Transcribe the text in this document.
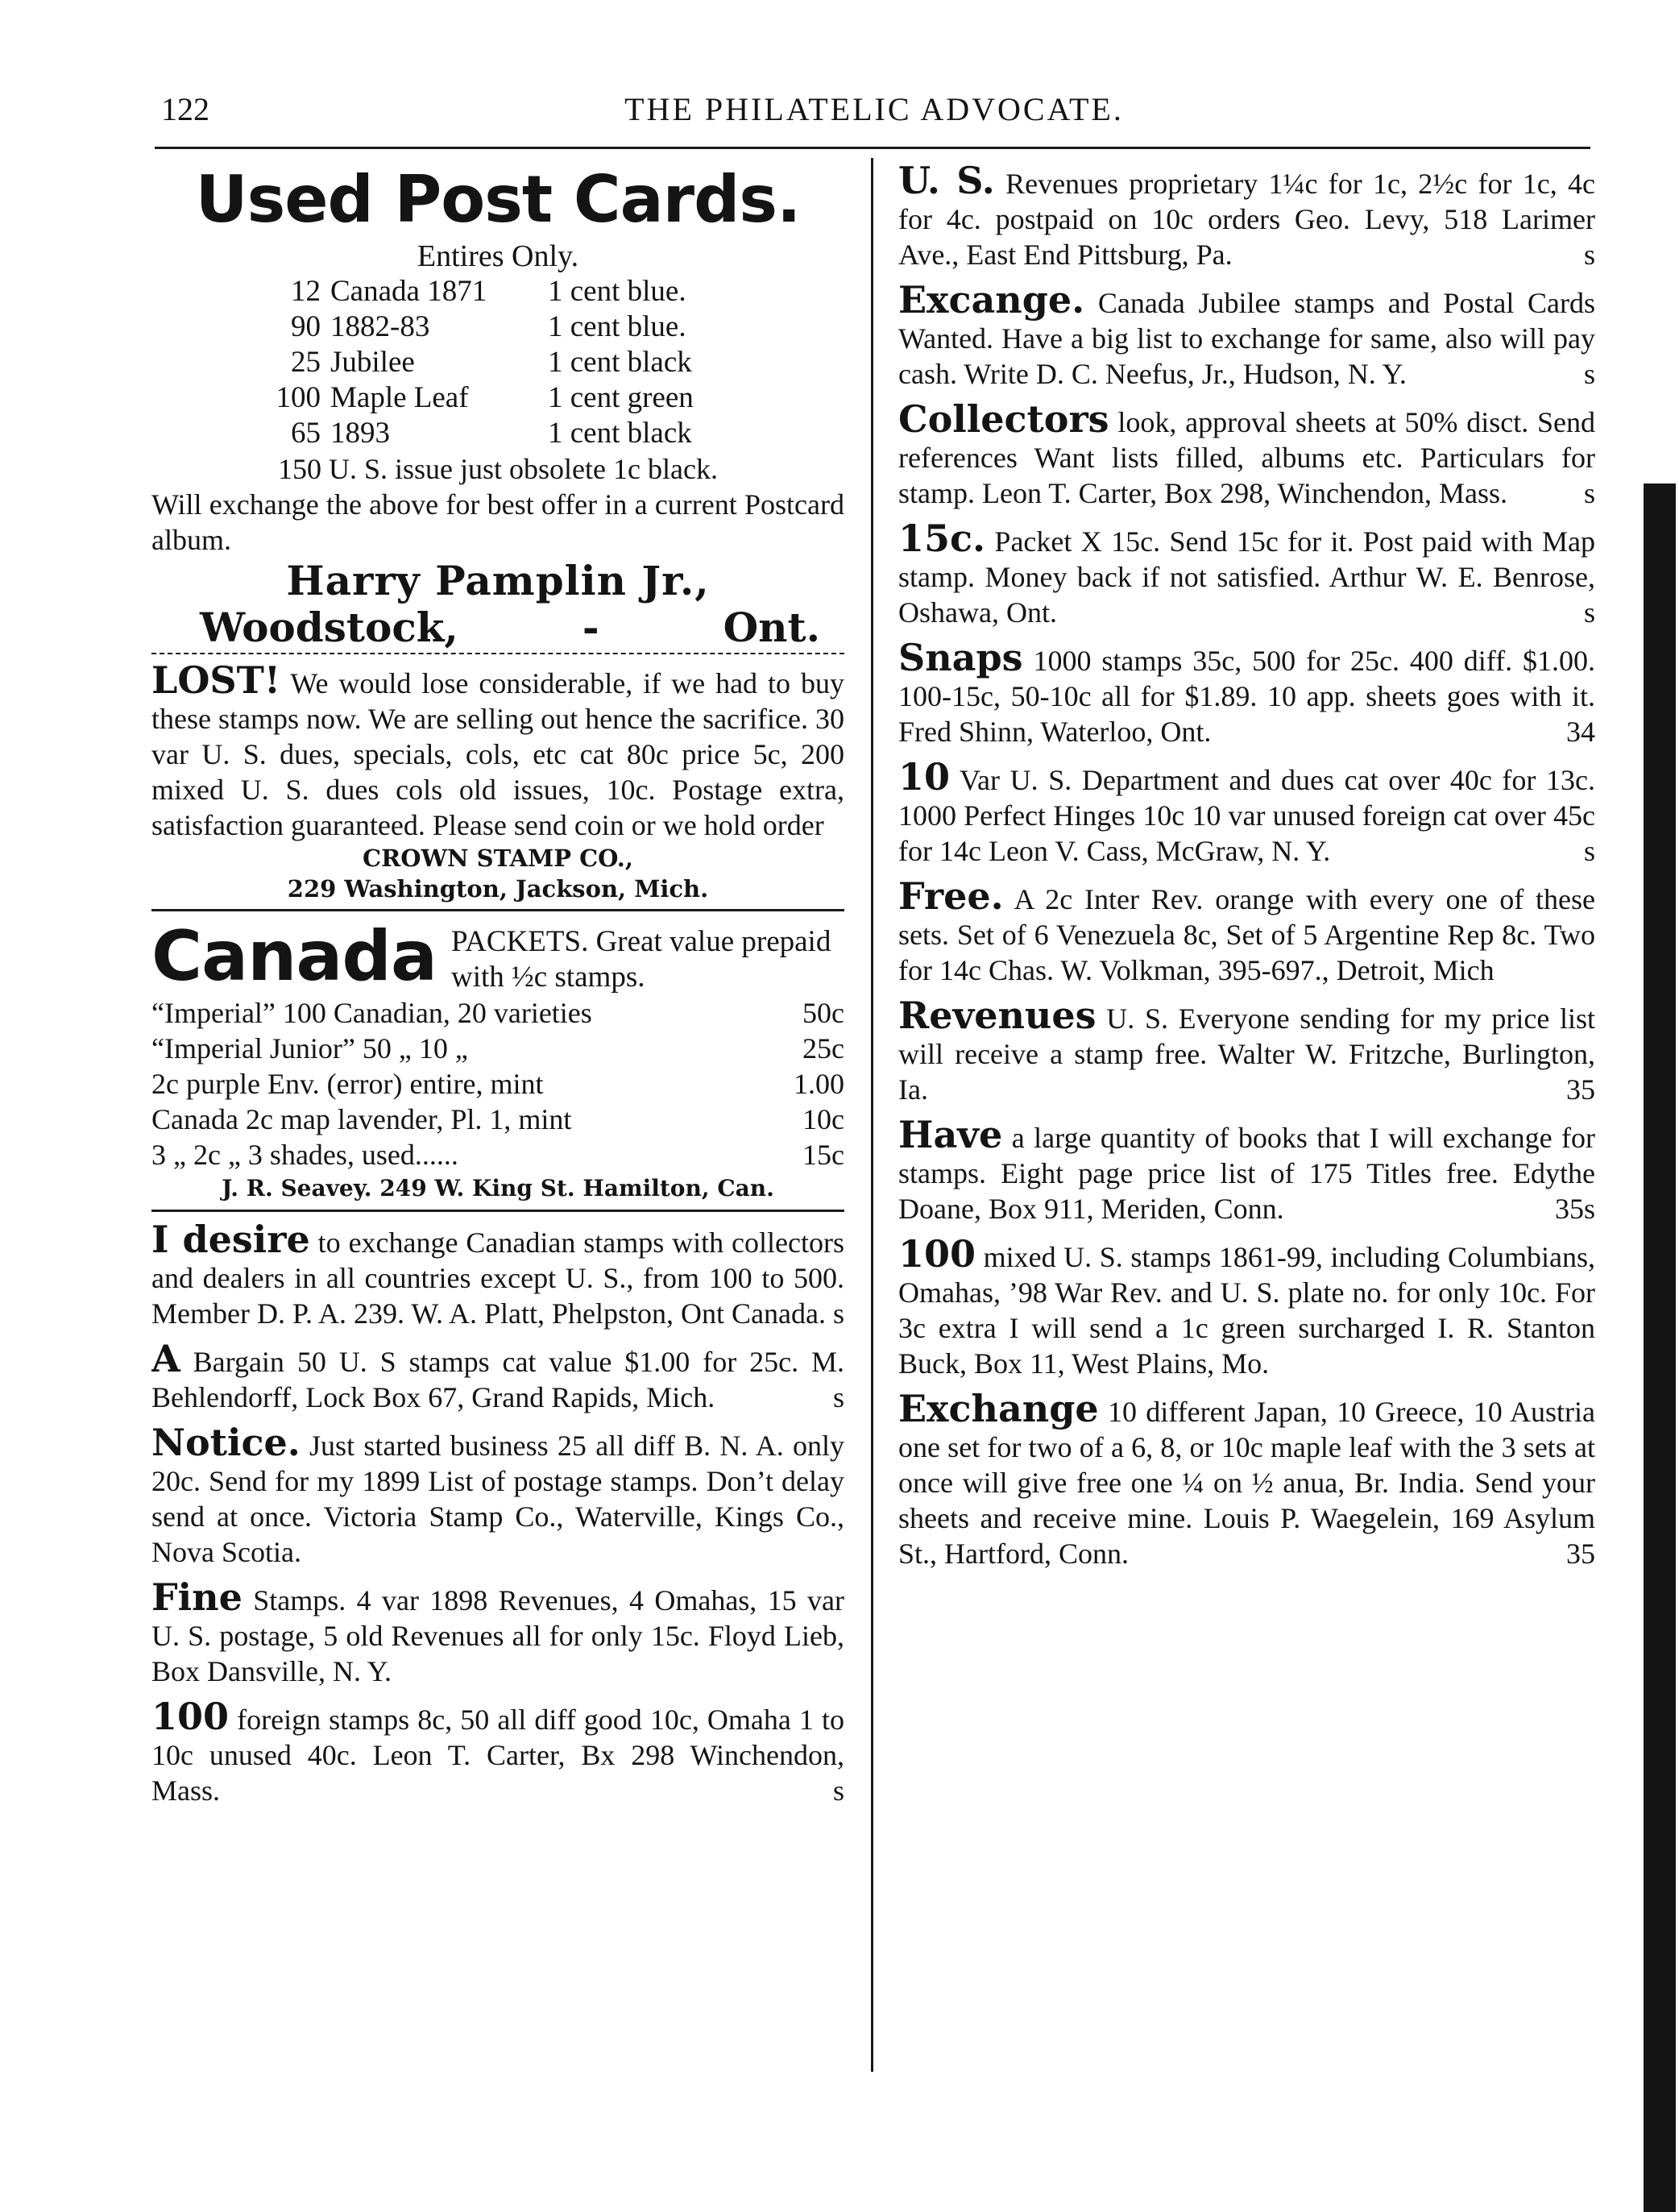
122	THE PHILATELIC ADVOCATE.
Used Post Cards.
Entires Only.
12	Canada 1871	1 cent blue.
90	1882-83	1 cent blue.
25	Jubilee	1 cent black
100	Maple Leaf	1 cent green
65	1893	1 cent black
150 U. S. issue just obsolete 1c black.
Will exchange the above for best offer in a current Postcard album.
Harry Pamplin Jr.,
Woodstock,	-	Ont.

LOST! We would lose considerable, if we had to buy these stamps now. We are selling out hence the sacrifice. 30 var U. S. dues, specials, cols, etc cat 80c price 5c, 200 mixed U. S. dues cols old issues, 10c. Postage extra, satisfaction guaranteed. Please send coin or we hold order

CROWN STAMP CO.,
229 Washington, Jackson, Mich.
Canada PACKETS. Great value prepaid with ½c stamps.
“Imperial” 100 Canadian, 20 varieties	50c
“Imperial Junior” 50 „ 10 „	25c
2c purple Env. (error) entire, mint	1.00
Canada 2c map lavender, Pl. 1, mint	10c
3 „ 2c „ 3 shades, used......	15c
J. R. Seavey. 249 W. King St. Hamilton, Can.

I desire to exchange Canadian stamps with collectors and dealers in all countries except U. S., from 100 to 500. Member D. P. A. 239. W. A. Platt, Phelpston, Ont Canada. s

A Bargain 50 U. S stamps cat value $1.00 for 25c. M. Behlendorff, Lock Box 67, Grand Rapids, Mich.	s

Notice. Just started business 25 all diff B. N. A. only 20c. Send for my 1899 List of postage stamps. Don’t delay send at once. Victoria Stamp Co., Waterville, Kings Co., Nova Scotia.

Fine Stamps. 4 var 1898 Revenues, 4 Omahas, 15 var U. S. postage, 5 old Revenues all for only 15c. Floyd Lieb, Box Dansville, N. Y.

100 foreign stamps 8c, 50 all diff good 10c, Omaha 1 to 10c unused 40c. Leon T. Carter, Bx 298 Winchendon, Mass.	s

U. S. Revenues proprietary 1¼c for 1c, 2½c for 1c, 4c for 4c. postpaid on 10c orders Geo. Levy, 518 Larimer Ave., East End Pittsburg, Pa.	s

Excange. Canada Jubilee stamps and Postal Cards Wanted. Have a big list to exchange for same, also will pay cash. Write D. C. Neefus, Jr., Hudson, N. Y.	s

Collectors look, approval sheets at 50% disct. Send references Want lists filled, albums etc. Particulars for stamp. Leon T. Carter, Box 298, Winchendon, Mass.	s

15c. Packet X 15c. Send 15c for it. Post paid with Map stamp. Money back if not satisfied. Arthur W. E. Benrose, Oshawa, Ont.	s

Snaps 1000 stamps 35c, 500 for 25c. 400 diff. $1.00. 100-15c, 50-10c all for $1.89. 10 app. sheets goes with it. Fred Shinn, Waterloo, Ont.	34

10 Var U. S. Department and dues cat over 40c for 13c. 1000 Perfect Hinges 10c 10 var unused foreign cat over 45c for 14c Leon V. Cass, McGraw, N. Y.	s

Free. A 2c Inter Rev. orange with every one of these sets. Set of 6 Venezuela 8c, Set of 5 Argentine Rep 8c. Two for 14c Chas. W. Volkman, 395-697., Detroit, Mich

Revenues U. S. Everyone sending for my price list will receive a stamp free. Walter W. Fritzche, Burlington, Ia.	35

Have a large quantity of books that I will exchange for stamps. Eight page price list of 175 Titles free. Edythe Doane, Box 911, Meriden, Conn.	35s

100 mixed U. S. stamps 1861-99, including Columbians, Omahas, ’98 War Rev. and U. S. plate no. for only 10c. For 3c extra I will send a 1c green surcharged I. R. Stanton Buck, Box 11, West Plains, Mo.

Exchange 10 different Japan, 10 Greece, 10 Austria one set for two of a 6, 8, or 10c maple leaf with the 3 sets at once will give free one ¼ on ½ anua, Br. India. Send your sheets and receive mine. Louis P. Waegelein, 169 Asylum St., Hartford, Conn.	35
